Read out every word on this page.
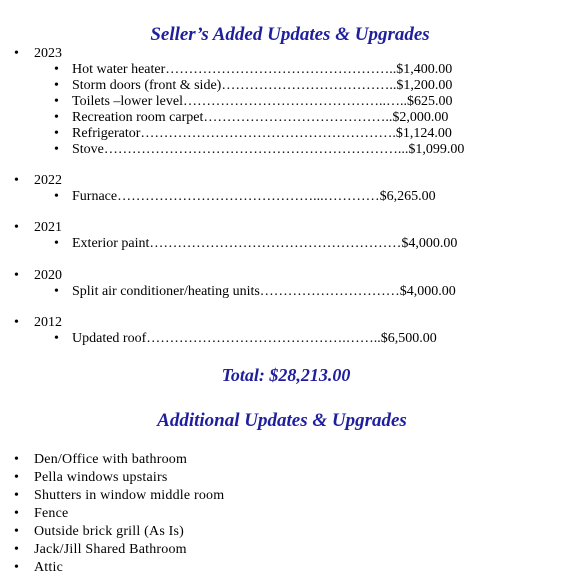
Seller’s Added Updates & Upgrades
2023
Hot water heater…………………………………………..$1,400.00
Storm doors (front & side)………………………………..$1,200.00
Toilets –lower level……………………………………..…..$625.00
Recreation room carpet…………………………………..$2,000.00
Refrigerator……………………………………………….$1,124.00
Stove………………………………………………………...$1,099.00
2022
Furnace……………………………………...…………$6,265.00
2021
Exterior paint………………………………………………$4,000.00
2020
Split air conditioner/heating units…………………………$4,000.00
2012
Updated roof…………………………………….……..$6,500.00
Total: $28,213.00
Additional Updates & Upgrades
Den/Office with bathroom
Pella windows upstairs
Shutters in window middle room
Fence
Outside brick grill (As Is)
Jack/Jill Shared Bathroom
Attic
